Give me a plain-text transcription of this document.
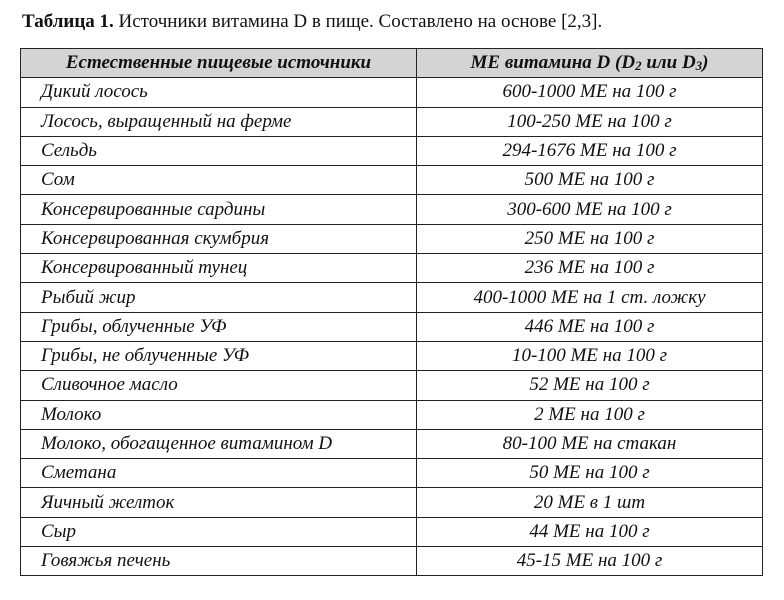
Таблица 1. Источники витамина D в пище. Составлено на основе [2,3].
Естественные пищевые источники	МЕ витамина D ($D_2$ или $D_3$)
Дикий лосось	600-1000 МЕ на 100 г
Лосось, выращенный на ферме	100-250 МЕ на 100 г
Сельдь	294-1676 МЕ на 100 г
Сом	500 МЕ на 100 г
Консервированные сардины	300-600 МЕ на 100 г
Консервированная скумбрия	250 МЕ на 100 г
Консервированный тунец	236 МЕ на 100 г
Рыбий жир	400-1000 МЕ на 1 ст. ложку
Грибы, облученные УФ	446 МЕ на 100 г
Грибы, не облученные УФ	10-100 МЕ на 100 г
Сливочное масло	52 МЕ на 100 г
Молоко	2 МЕ на 100 г
Молоко, обогащенное витамином D	80-100 МЕ на стакан
Сметана	50 МЕ на 100 г
Яичный желток	20 МЕ в 1 шт
Сыр	44 МЕ на 100 г
Говяжья печень	45-15 МЕ на 100 г
